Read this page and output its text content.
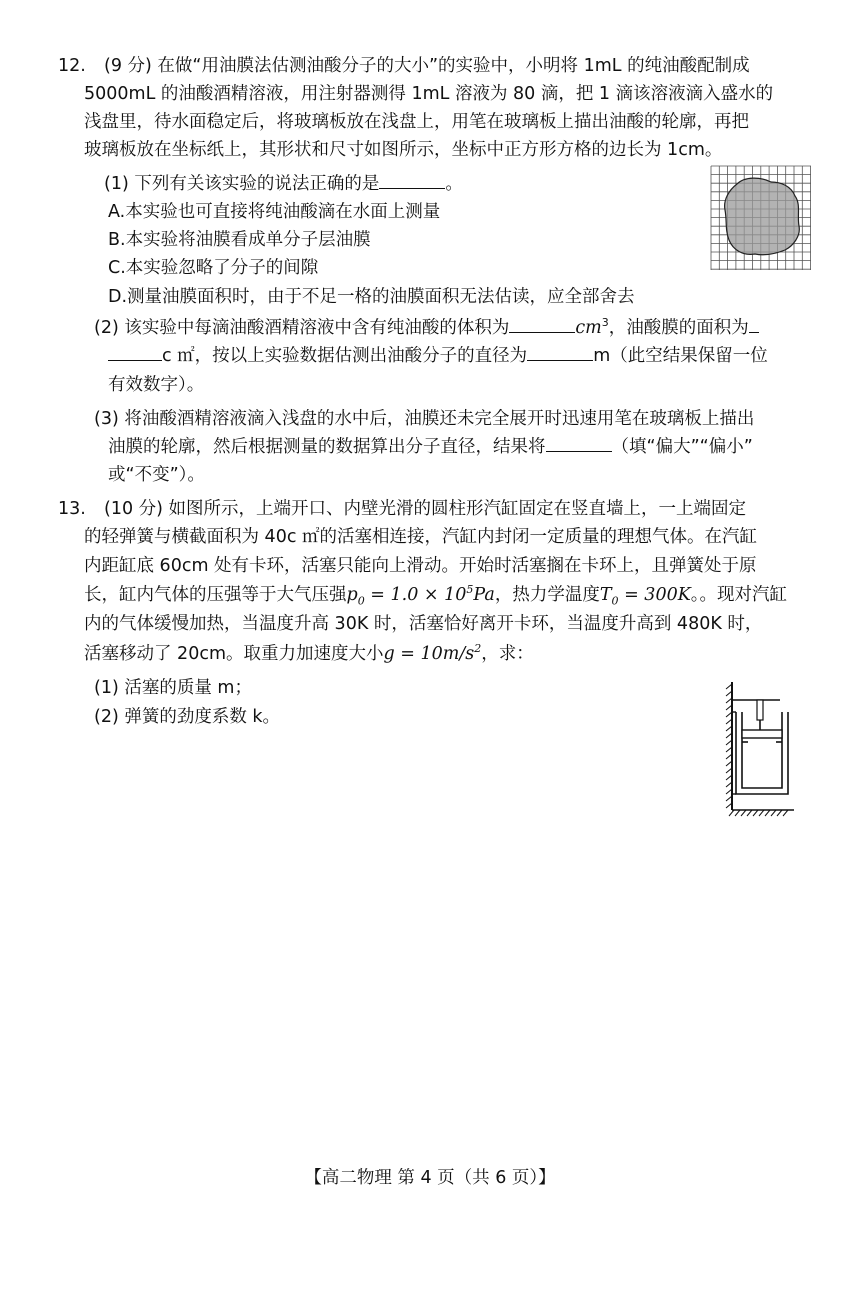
12. (9 分) 在做“用油膜法估测油酸分子的大小”的实验中，小明将 1mL 的纯油酸配制成
5000mL 的油酸酒精溶液，用注射器测得 1mL 溶液为 80 滴，把 1 滴该溶液滴入盛水的
浅盘里，待水面稳定后，将玻璃板放在浅盘上，用笔在玻璃板上描出油酸的轮廓，再把
玻璃板放在坐标纸上，其形状和尺寸如图所示，坐标中正方形方格的边长为 1cm。
(1) 下列有关该实验的说法正确的是	。
A.本实验也可直接将纯油酸滴在水面上测量
B.本实验将油膜看成单分子层油膜
C.本实验忽略了分子的间隙
D.测量油膜面积时，由于不足一格的油膜面积无法估读，应全部舍去
(2) 该实验中每滴油酸酒精溶液中含有纯油酸的体积为	$cm^3$，油酸膜的面积为
c ㎡，按以上实验数据估测出油酸分子的直径为	m（此空结果保留一位
有效数字）。
(3) 将油酸酒精溶液滴入浅盘的水中后，油膜还未完全展开时迅速用笔在玻璃板上描出
油膜的轮廓，然后根据测量的数据算出分子直径，结果将	（填“偏大”“偏小”
或“不变”）。
13. (10 分) 如图所示，上端开口、内壁光滑的圆柱形汽缸固定在竖直墙上，一上端固定
的轻弹簧与横截面积为 40c ㎡的活塞相连接，汽缸内封闭一定质量的理想气体。在汽缸
内距缸底 60cm 处有卡环，活塞只能向上滑动。开始时活塞搁在卡环上，且弹簧处于原
长，缸内气体的压强等于大气压强$p_0 = 1.0 \times 10^5Pa$，热力学温度$T_0 = 300K$。。现对汽缸
内的气体缓慢加热，当温度升高 30K 时，活塞恰好离开卡环，当温度升高到 480K 时，
活塞移动了 20cm。取重力加速度大小$g = 10m/s^2$，求：
(1) 活塞的质量 m；
(2) 弹簧的劲度系数 k。
【高二物理 第 4 页（共 6 页）】
